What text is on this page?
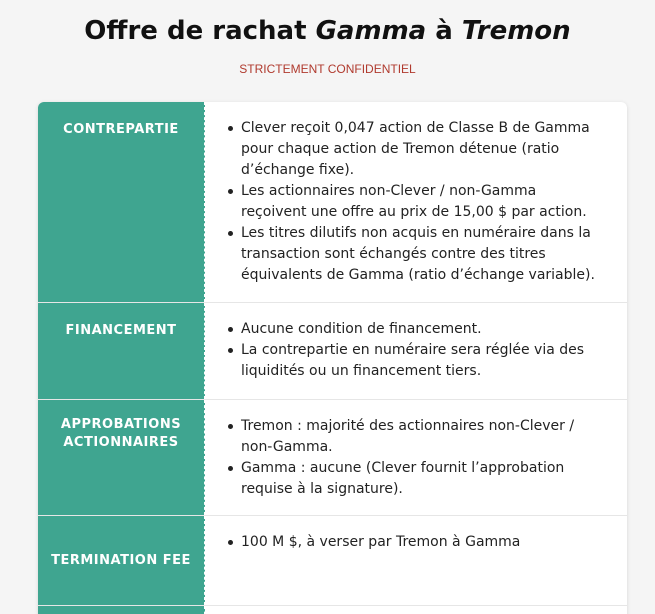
Offre de rachat Gamma à Tremon
STRICTEMENT CONFIDENTIEL
CONTREPARTIE	Clever reçoit 0,047 action de Classe B de Gamma pour chaque action de Tremon détenue (ratio d’échange fixe).
Les actionnaires non-Clever / non-Gamma reçoivent une offre au prix de 15,00 $ par action.
Les titres dilutifs non acquis en numéraire dans la transaction sont échangés contre des titres équivalents de Gamma (ratio d’échange variable).
FINANCEMENT	Aucune condition de financement.
La contrepartie en numéraire sera réglée via des liquidités ou un financement tiers.
APPROBATIONS ACTIONNAIRES
Tremon : majorité des actionnaires non-Clever / non-Gamma.
Gamma : aucune (Clever fournit l’approbation requise à la signature).
TERMINATION FEE
100 M $, à verser par Tremon à Gamma
